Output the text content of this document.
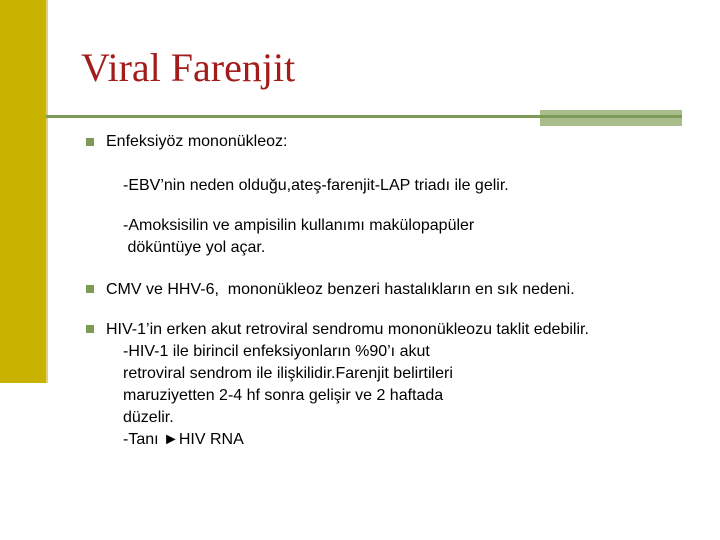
Viral Farenjit
Enfeksiyöz mononükleoz:
-EBV’nin neden olduğu,ateş-farenjit-LAP triadı ile gelir.
-Amoksisilin ve ampisilin kullanımı makülopapüler
döküntüye yol açar.
CMV ve HHV-6,  mononükleoz benzeri hastalıkların en sık nedeni.
HIV-1’in erken akut retroviral sendromu mononükleozu taklit edebilir.
-HIV-1 ile birincil enfeksiyonların %90’ı akut
retroviral sendrom ile ilişkilidir.Farenjit belirtileri
maruziyetten 2-4 hf sonra gelişir ve 2 haftada
düzelir.
-Tanı ►HIV RNA
